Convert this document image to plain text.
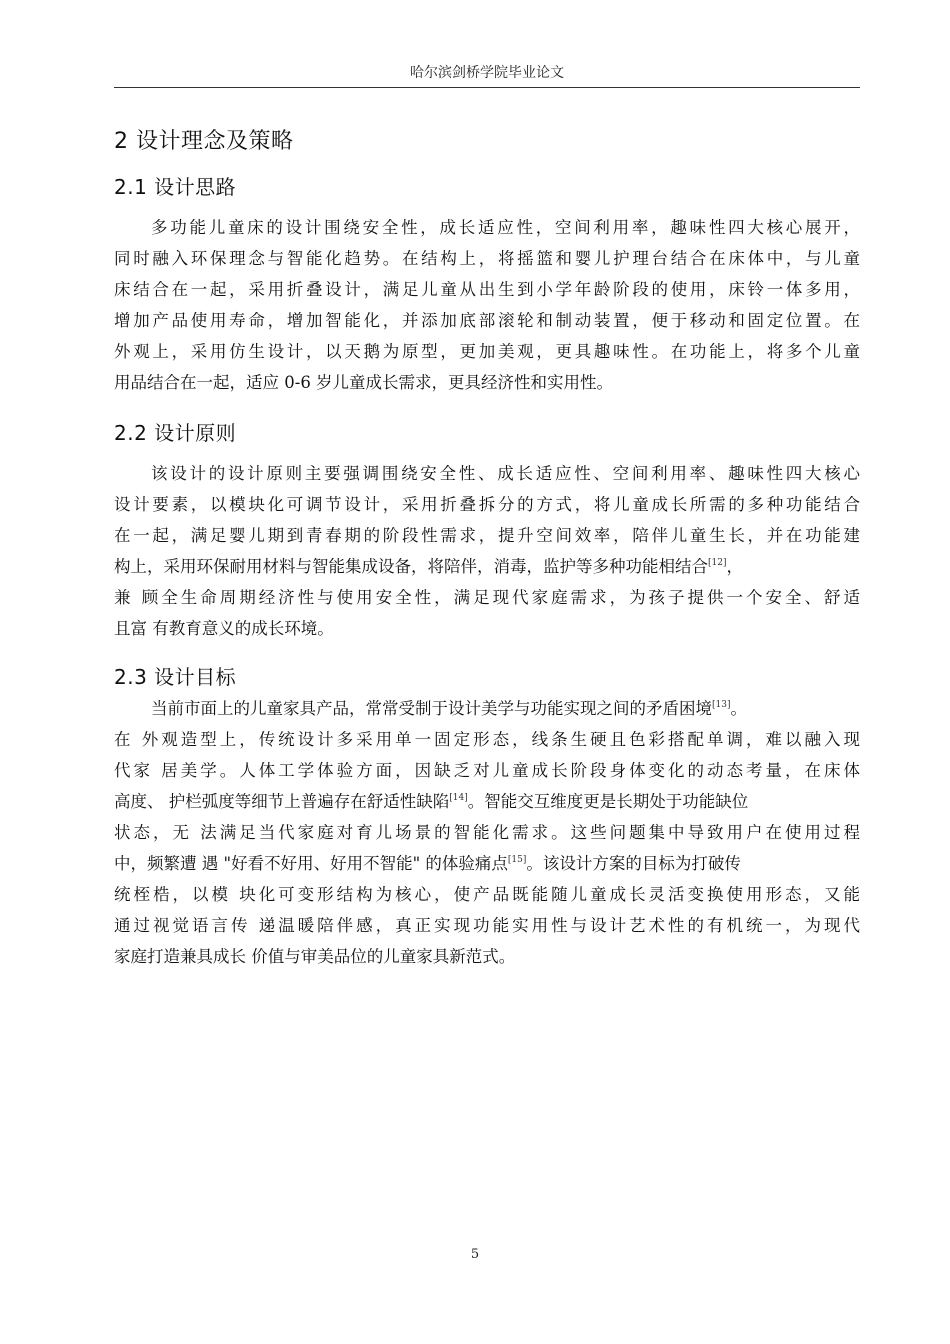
哈尔滨剑桥学院毕业论文
2 设计理念及策略
2.1 设计思路
多功能儿童床的设计围绕安全性，成长适应性，空间利用率，趣味性四大核心展开，
同时融入环保理念与智能化趋势。在结构上，将摇篮和婴儿护理台结合在床体中，与儿童
床结合在一起，采用折叠设计，满足儿童从出生到小学年龄阶段的使用，床铃一体多用，
增加产品使用寿命，增加智能化，并添加底部滚轮和制动装置，便于移动和固定位置。在
外观上，采用仿生设计，以天鹅为原型，更加美观，更具趣味性。在功能上，将多个儿童
用品结合在一起，适应 0-6 岁儿童成长需求，更具经济性和实用性。
2.2 设计原则
该设计的设计原则主要强调围绕安全性、成长适应性、空间利用率、趣味性四大核心
设计要素，以模块化可调节设计，采用折叠拆分的方式，将儿童成长所需的多种功能结合
在一起，满足婴儿期到青春期的阶段性需求，提升空间效率，陪伴儿童生长，并在功能建
构上，采用环保耐用材料与智能集成设备，将陪伴，消毒，监护等多种功能相结合[12]，
兼 顾全生命周期经济性与使用安全性，满足现代家庭需求，为孩子提供一个安全、舒适
且富 有教育意义的成长环境。
2.3 设计目标
当前市面上的儿童家具产品，常常受制于设计美学与功能实现之间的矛盾困境[13]。
在 外观造型上，传统设计多采用单一固定形态，线条生硬且色彩搭配单调，难以融入现
代家 居美学。人体工学体验方面，因缺乏对儿童成长阶段身体变化的动态考量，在床体
高度、 护栏弧度等细节上普遍存在舒适性缺陷[14]。智能交互维度更是长期处于功能缺位
状态，无 法满足当代家庭对育儿场景的智能化需求。这些问题集中导致用户在使用过程
中，频繁遭 遇 "好看不好用、好用不智能" 的体验痛点[15]。该设计方案的目标为打破传
统桎梏，以模 块化可变形结构为核心，使产品既能随儿童成长灵活变换使用形态，又能
通过视觉语言传 递温暖陪伴感，真正实现功能实用性与设计艺术性的有机统一，为现代
家庭打造兼具成长 价值与审美品位的儿童家具新范式。
5
